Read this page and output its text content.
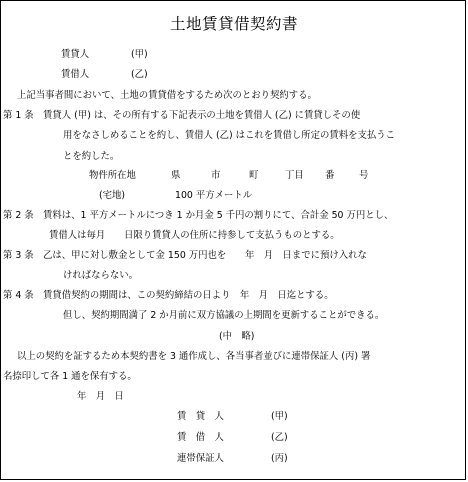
土地賃貸借契約書
賃貸人	(甲)
賃借人	(乙)
上記当事者間において、土地の賃貸借をするため次のとおり契約する。
第 1 条　賃貸人 (甲) は、その所有する下記表示の土地を賃借人 (乙) に賃貸しその使
用をなさしめることを約し、賃借人 (乙) はこれを賃借し所定の賃料を支払うこ
とを約した。
物件所在地	県	市	町	丁目 番	号
(宅地)	100 平方メートル
第 2 条　賃料は、1 平方メートルにつき 1 か月金 5 千円の割りにて、合計金 50 万円とし、
賃借人は毎月　　日限り賃貸人の住所に持参して支払うものとする。
第 3 条　乙は、甲に対し敷金として金 150 万円也を　　年　月　日までに預け入れな
ければならない。
第 4 条　賃貸借契約の期間は、この契約締結の日より　年　月　日迄とする。
但し、契約期間満了 2 か月前に双方協議の上期間を更新することができる。
(中　略)
以上の契約を証するため本契約書を 3 通作成し、各当事者並びに連帯保証人 (丙) 署
名捺印して各 1 通を保有する。
年　月　日
賃　貸　人	(甲)
賃　借　人	(乙)
連帯保証人	(丙)
